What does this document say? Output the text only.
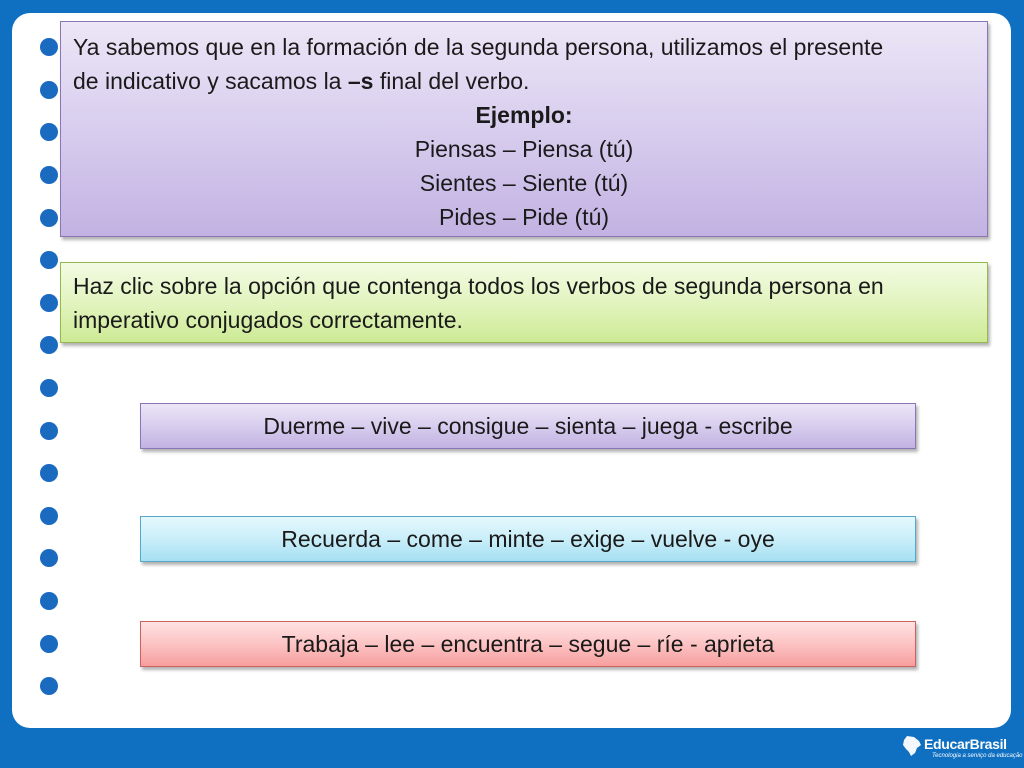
Ya sabemos que en la formación de la segunda persona, utilizamos el presente

de indicativo y sacamos la –s final del verbo.

Ejemplo:

Piensas – Piensa (tú)

Sientes – Siente (tú)

Pides – Pide (tú)

Haz clic sobre la opción que contenga todos los verbos de segunda persona en
imperativo conjugados correctamente.
Duerme – vive – consigue – sienta – juega - escribe
Recuerda – come – minte – exige – vuelve - oye
Trabaja – lee – encuentra – segue – ríe - aprieta
EducarBrasil
Tecnologia a serviço da educação
